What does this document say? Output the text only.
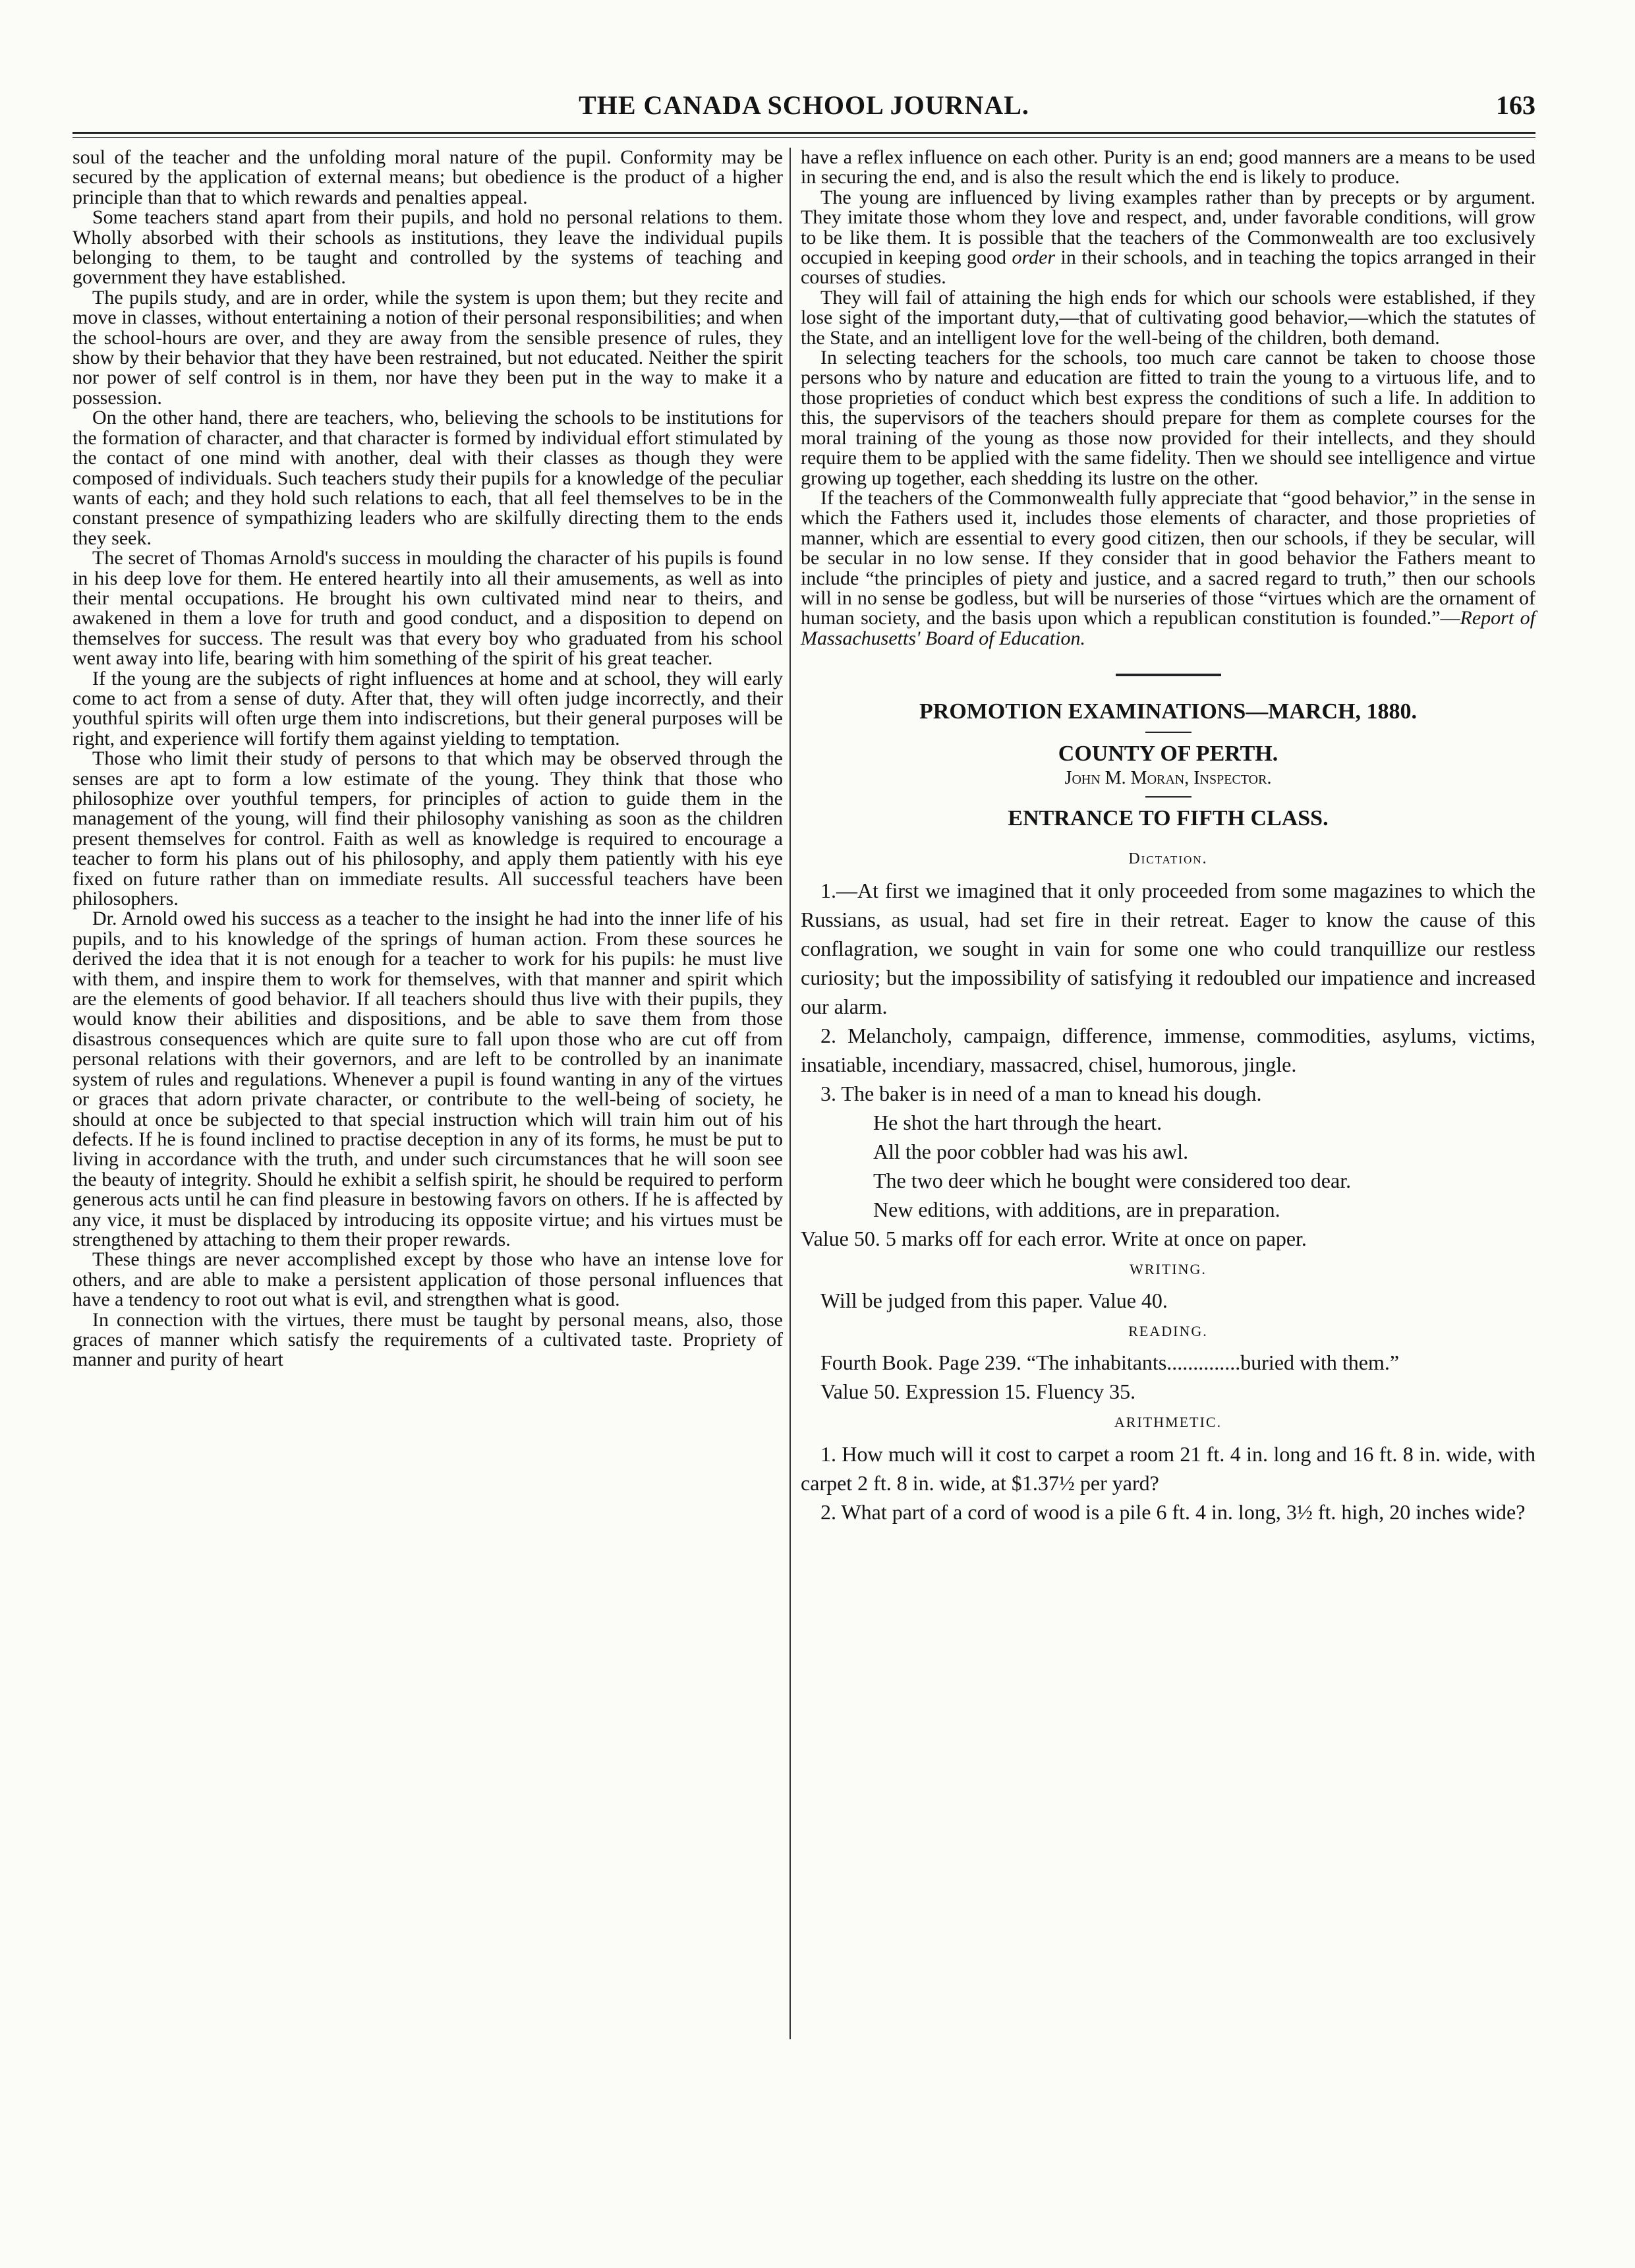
THE CANADA SCHOOL JOURNAL.	163

soul of the teacher and the unfolding moral nature of the pupil. Conformity may be secured by the application of external means; but obedience is the product of a higher principle than that to which rewards and penalties appeal.

Some teachers stand apart from their pupils, and hold no personal relations to them. Wholly absorbed with their schools as institutions, they leave the individual pupils belonging to them, to be taught and controlled by the systems of teaching and government they have established.

The pupils study, and are in order, while the system is upon them; but they recite and move in classes, without entertaining a notion of their personal responsibilities; and when the school-hours are over, and they are away from the sensible presence of rules, they show by their behavior that they have been restrained, but not educated. Neither the spirit nor power of self control is in them, nor have they been put in the way to make it a possession.

On the other hand, there are teachers, who, believing the schools to be institutions for the formation of character, and that character is formed by individual effort stimulated by the contact of one mind with another, deal with their classes as though they were composed of individuals. Such teachers study their pupils for a knowledge of the peculiar wants of each; and they hold such relations to each, that all feel themselves to be in the constant presence of sympathizing leaders who are skilfully directing them to the ends they seek.

The secret of Thomas Arnold's success in moulding the character of his pupils is found in his deep love for them. He entered heartily into all their amusements, as well as into their mental occupations. He brought his own cultivated mind near to theirs, and awakened in them a love for truth and good conduct, and a disposition to depend on themselves for success. The result was that every boy who graduated from his school went away into life, bearing with him something of the spirit of his great teacher.

If the young are the subjects of right influences at home and at school, they will early come to act from a sense of duty. After that, they will often judge incorrectly, and their youthful spirits will often urge them into indiscretions, but their general purposes will be right, and experience will fortify them against yielding to temptation.

Those who limit their study of persons to that which may be observed through the senses are apt to form a low estimate of the young. They think that those who philosophize over youthful tempers, for principles of action to guide them in the management of the young, will find their philosophy vanishing as soon as the children present themselves for control. Faith as well as knowledge is required to encourage a teacher to form his plans out of his philosophy, and apply them patiently with his eye fixed on future rather than on immediate results. All successful teachers have been philosophers.

Dr. Arnold owed his success as a teacher to the insight he had into the inner life of his pupils, and to his knowledge of the springs of human action. From these sources he derived the idea that it is not enough for a teacher to work for his pupils: he must live with them, and inspire them to work for themselves, with that manner and spirit which are the elements of good behavior. If all teachers should thus live with their pupils, they would know their abilities and dispositions, and be able to save them from those disastrous consequences which are quite sure to fall upon those who are cut off from personal relations with their governors, and are left to be controlled by an inanimate system of rules and regulations. Whenever a pupil is found wanting in any of the virtues or graces that adorn private character, or contribute to the well-being of society, he should at once be subjected to that special instruction which will train him out of his defects. If he is found inclined to practise deception in any of its forms, he must be put to living in accordance with the truth, and under such circumstances that he will soon see the beauty of integrity. Should he exhibit a selfish spirit, he should be required to perform generous acts until he can find pleasure in bestowing favors on others. If he is affected by any vice, it must be displaced by introducing its opposite virtue; and his virtues must be strengthened by attaching to them their proper rewards.

These things are never accomplished except by those who have an intense love for others, and are able to make a persistent application of those personal influences that have a tendency to root out what is evil, and strengthen what is good.

In connection with the virtues, there must be taught by personal means, also, those graces of manner which satisfy the requirements of a cultivated taste. Propriety of manner and purity of heart

have a reflex influence on each other. Purity is an end; good manners are a means to be used in securing the end, and is also the result which the end is likely to produce.

The young are influenced by living examples rather than by precepts or by argument. They imitate those whom they love and respect, and, under favorable conditions, will grow to be like them. It is possible that the teachers of the Commonwealth are too exclusively occupied in keeping good order in their schools, and in teaching the topics arranged in their courses of studies.

They will fail of attaining the high ends for which our schools were established, if they lose sight of the important duty,—that of cultivating good behavior,—which the statutes of the State, and an intelligent love for the well-being of the children, both demand.

In selecting teachers for the schools, too much care cannot be taken to choose those persons who by nature and education are fitted to train the young to a virtuous life, and to those proprieties of conduct which best express the conditions of such a life. In addition to this, the supervisors of the teachers should prepare for them as complete courses for the moral training of the young as those now provided for their intellects, and they should require them to be applied with the same fidelity. Then we should see intelligence and virtue growing up together, each shedding its lustre on the other.

If the teachers of the Commonwealth fully appreciate that “good behavior,” in the sense in which the Fathers used it, includes those elements of character, and those proprieties of manner, which are essential to every good citizen, then our schools, if they be secular, will be secular in no low sense. If they consider that in good behavior the Fathers meant to include “the principles of piety and justice, and a sacred regard to truth,” then our schools will in no sense be godless, but will be nurseries of those “virtues which are the ornament of human society, and the basis upon which a republican constitution is founded.”—Report of Massachusetts' Board of Education.

PROMOTION EXAMINATIONS—MARCH, 1880.
COUNTY OF PERTH.
John M. Moran, Inspector.
ENTRANCE TO FIFTH CLASS.
Dictation.

1.—At first we imagined that it only proceeded from some magazines to which the Russians, as usual, had set fire in their retreat. Eager to know the cause of this conflagration, we sought in vain for some one who could tranquillize our restless curiosity; but the impossibility of satisfying it redoubled our impatience and increased our alarm.

2. Melancholy, campaign, difference, immense, commodities, asylums, victims, insatiable, incendiary, massacred, chisel, humorous, jingle.

3. The baker is in need of a man to knead his dough.

He shot the hart through the heart.

All the poor cobbler had was his awl.

The two deer which he bought were considered too dear.

New editions, with additions, are in preparation.

Value 50. 5 marks off for each error. Write at once on paper.

WRITING.

Will be judged from this paper. Value 40.

READING.

Fourth Book. Page 239. “The inhabitants..............buried with them.”

Value 50. Expression 15. Fluency 35.

ARITHMETIC.

1. How much will it cost to carpet a room 21 ft. 4 in. long and 16 ft. 8 in. wide, with carpet 2 ft. 8 in. wide, at $1.37½ per yard?

2. What part of a cord of wood is a pile 6 ft. 4 in. long, 3½ ft. high, 20 inches wide?
